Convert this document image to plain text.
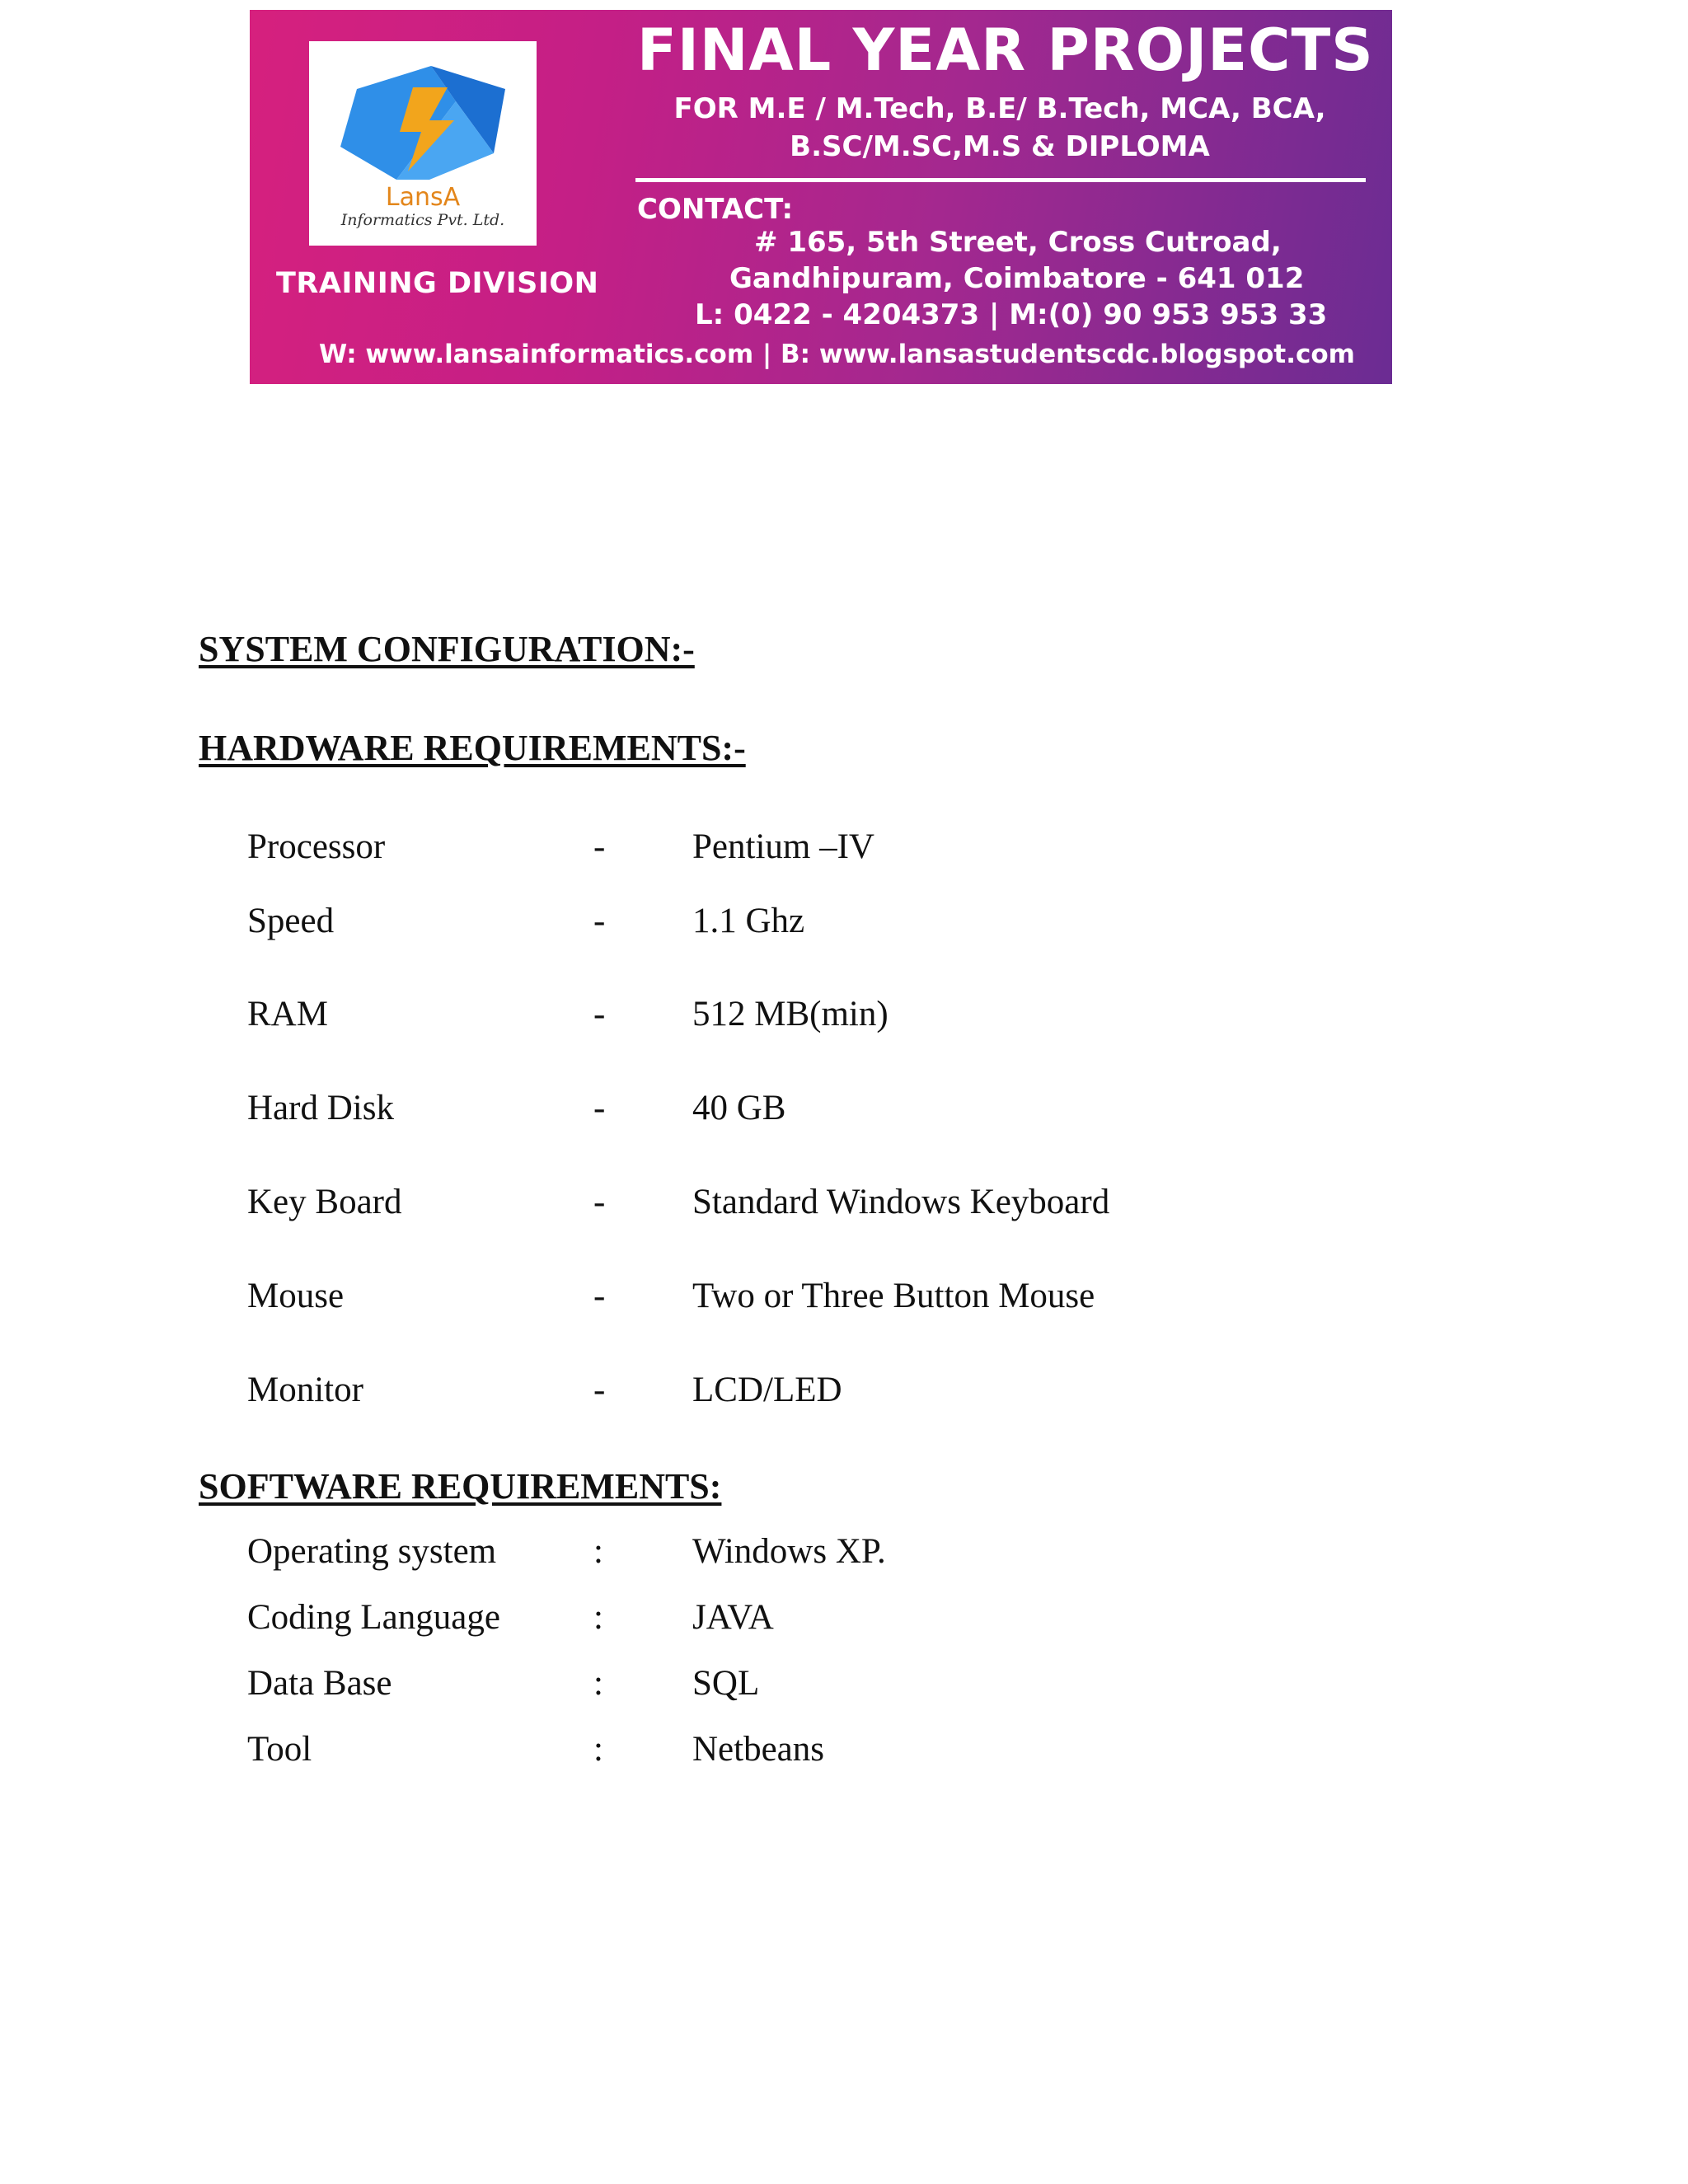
LansA
Informatics Pvt. Ltd.
TRAINING DIVISION
FINAL YEAR PROJECTS
FOR M.E / M.Tech, B.E/ B.Tech, MCA, BCA,
B.SC/M.SC,M.S & DIPLOMA
CONTACT:
# 165, 5th Street, Cross Cutroad,
Gandhipuram, Coimbatore - 641 012
L: 0422 - 4204373 | M:(0) 90 953 953 33
W: www.lansainformatics.com | B: www.lansastudentscdc.blogspot.com
SYSTEM CONFIGURATION:-
HARDWARE REQUIREMENTS:-
Processor	- Pentium –IV
Speed	- 1.1 Ghz
RAM	- 512 MB(min)
Hard Disk	- 40 GB
Key Board	- Standard Windows Keyboard
Mouse	- Two or Three Button Mouse
Monitor	- LCD/LED
SOFTWARE REQUIREMENTS:
Operating system	:	Windows XP.
Coding Language	:	JAVA
Data Base	:	SQL
Tool	:	Netbeans
